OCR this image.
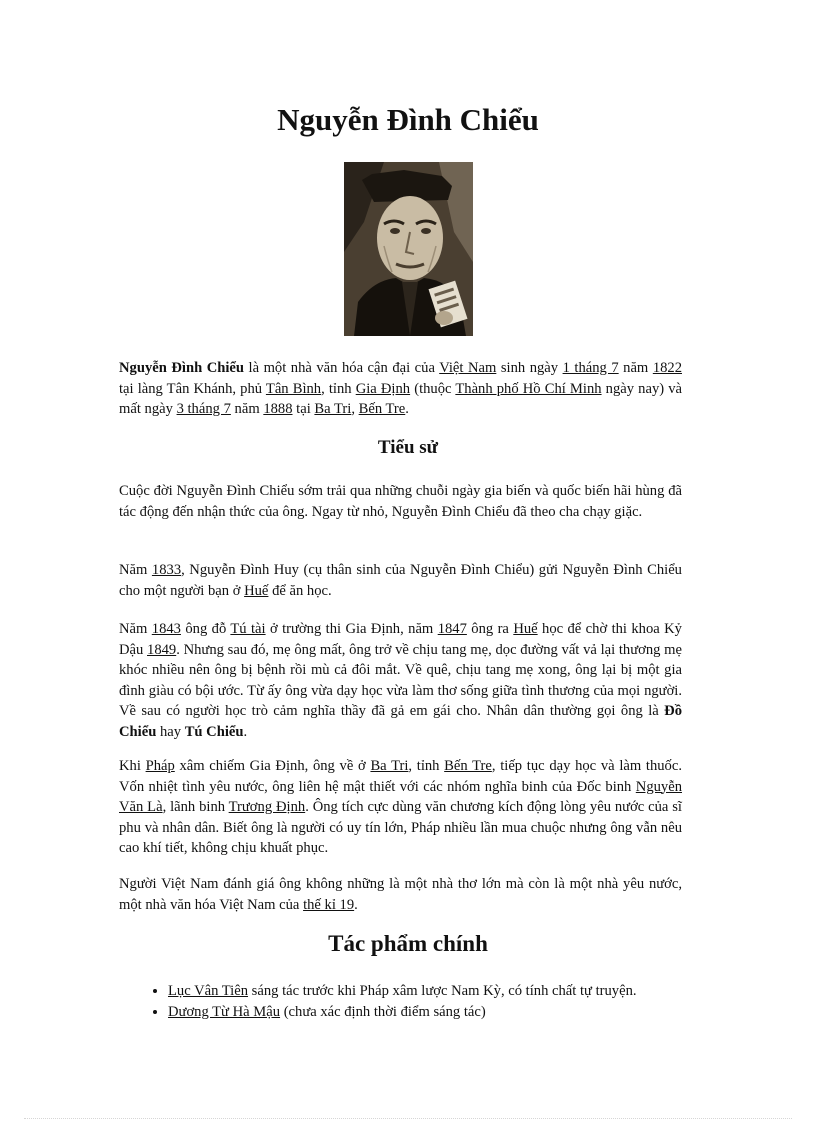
Nguyễn Đình Chiểu

Nguyễn Đình Chiểu là một nhà văn hóa cận đại của Việt Nam sinh ngày 1 tháng 7 năm 1822 tại làng Tân Khánh, phủ Tân Bình, tỉnh Gia Định (thuộc Thành phố Hồ Chí Minh ngày nay) và mất ngày 3 tháng 7 năm 1888 tại Ba Tri, Bến Tre.

Tiểu sử

Cuộc đời Nguyễn Đình Chiểu sớm trải qua những chuỗi ngày gia biến và quốc biến hãi hùng đã tác động đến nhận thức của ông. Ngay từ nhỏ, Nguyễn Đình Chiểu đã theo cha chạy giặc.

Năm 1833, Nguyễn Đình Huy (cụ thân sinh của Nguyễn Đình Chiểu) gửi Nguyễn Đình Chiểu cho một người bạn ở Huế để ăn học.

Năm 1843 ông đỗ Tú tài ở trường thi Gia Định, năm 1847 ông ra Huế học để chờ thi khoa Kỷ Dậu 1849. Nhưng sau đó, mẹ ông mất, ông trở về chịu tang mẹ, dọc đường vất vả lại thương mẹ khóc nhiều nên ông bị bệnh rồi mù cả đôi mắt. Về quê, chịu tang mẹ xong, ông lại bị một gia đình giàu có bội ước. Từ ấy ông vừa dạy học vừa làm thơ sống giữa tình thương của mọi người. Về sau có người học trò cảm nghĩa thầy đã gả em gái cho. Nhân dân thường gọi ông là Đồ Chiểu hay Tú Chiểu.

Khi Pháp xâm chiếm Gia Định, ông về ở Ba Tri, tỉnh Bến Tre, tiếp tục dạy học và làm thuốc. Vốn nhiệt tình yêu nước, ông liên hệ mật thiết với các nhóm nghĩa binh của Đốc binh Nguyễn Văn Là, lãnh binh Trương Định. Ông tích cực dùng văn chương kích động lòng yêu nước của sĩ phu và nhân dân. Biết ông là người có uy tín lớn, Pháp nhiều lần mua chuộc nhưng ông vẫn nêu cao khí tiết, không chịu khuất phục.

Người Việt Nam đánh giá ông không những là một nhà thơ lớn mà còn là một nhà yêu nước, một nhà văn hóa Việt Nam của thế kỉ 19.

Tác phẩm chính
• Lục Vân Tiên sáng tác trước khi Pháp xâm lược Nam Kỳ, có tính chất tự truyện.
• Dương Từ Hà Mậu (chưa xác định thời điểm sáng tác)
